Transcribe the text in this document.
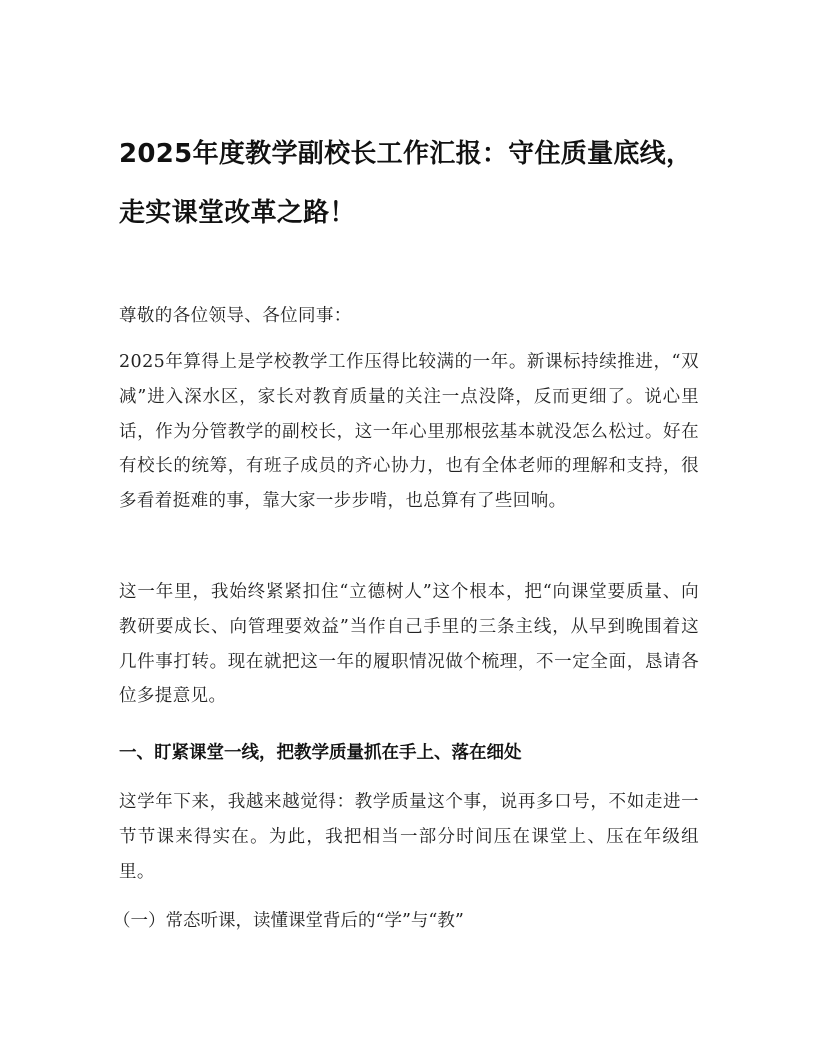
2025年度教学副校长工作汇报：守住质量底线，走实课堂改革之路！
尊敬的各位领导、各位同事：
2025年算得上是学校教学工作压得比较满的一年。新课标持续推进，“双减”进入深水区，家长对教育质量的关注一点没降，反而更细了。说心里话，作为分管教学的副校长，这一年心里那根弦基本就没怎么松过。好在有校长的统筹，有班子成员的齐心协力，也有全体老师的理解和支持，很多看着挺难的事，靠大家一步步啃，也总算有了些回响。
这一年里，我始终紧紧扣住“立德树人”这个根本，把“向课堂要质量、向教研要成长、向管理要效益”当作自己手里的三条主线，从早到晚围着这几件事打转。现在就把这一年的履职情况做个梳理，不一定全面，恳请各位多提意见。
一、盯紧课堂一线，把教学质量抓在手上、落在细处
这学年下来，我越来越觉得：教学质量这个事，说再多口号，不如走进一节节课来得实在。为此，我把相当一部分时间压在课堂上、压在年级组里。
（一）常态听课，读懂课堂背后的“学”与“教”
